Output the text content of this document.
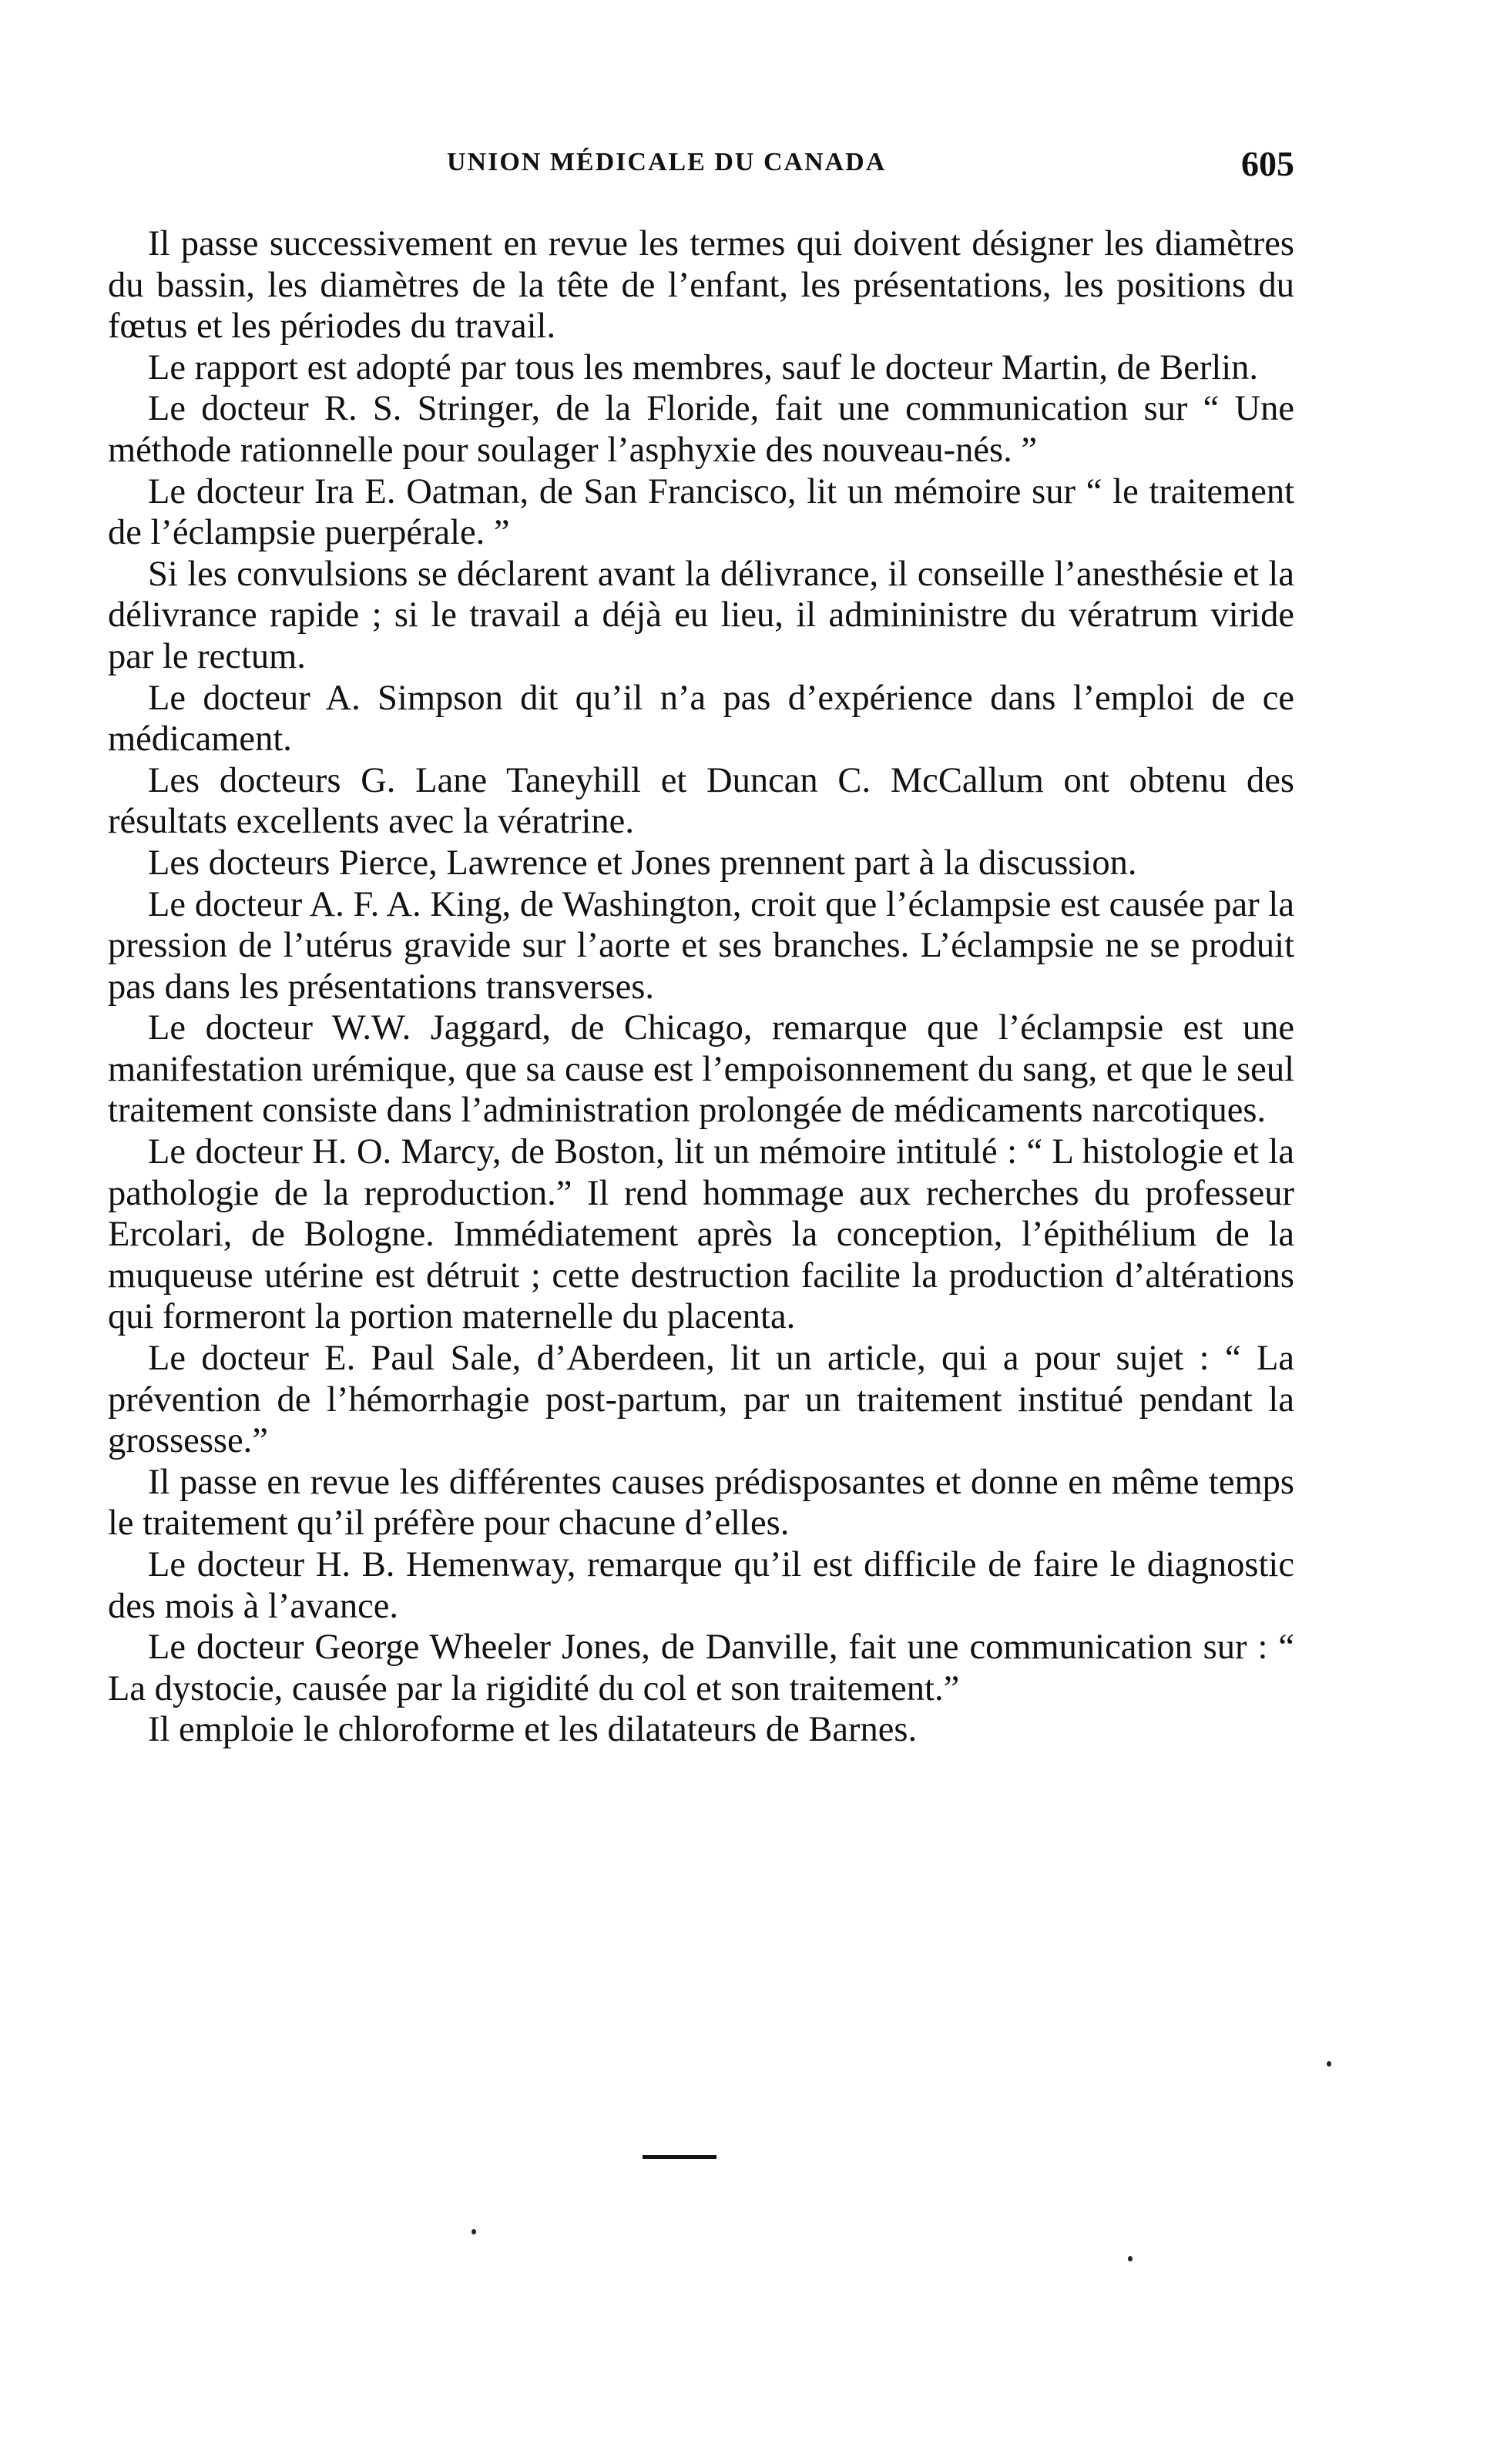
UNION MÉDICALE DU CANADA	605

Il passe successivement en revue les termes qui doivent désigner les diamètres du bassin, les diamètres de la tête de l’enfant, les présentations, les positions du fœtus et les périodes du travail.

Le rapport est adopté par tous les membres, sauf le docteur Martin, de Berlin.

Le docteur R. S. Stringer, de la Floride, fait une communication sur “ Une méthode rationnelle pour soulager l’asphyxie des nouveau-nés. ”

Le docteur Ira E. Oatman, de San Francisco, lit un mémoire sur “ le traitement de l’éclampsie puerpérale. ”

Si les convulsions se déclarent avant la délivrance, il conseille l’anesthésie et la délivrance rapide ; si le travail a déjà eu lieu, il admininistre du vératrum viride par le rectum.

Le docteur A. Simpson dit qu’il n’a pas d’expérience dans l’emploi de ce médicament.

Les docteurs G. Lane Taneyhill et Duncan C. McCallum ont obtenu des résultats excellents avec la vératrine.

Les docteurs Pierce, Lawrence et Jones prennent part à la discussion.

Le docteur A. F. A. King, de Washington, croit que l’éclampsie est causée par la pression de l’utérus gravide sur l’aorte et ses branches. L’éclampsie ne se produit pas dans les présentations transverses.

Le docteur W.W. Jaggard, de Chicago, remarque que l’éclampsie est une manifestation urémique, que sa cause est l’empoisonnement du sang, et que le seul traitement consiste dans l’administration prolongée de médicaments narcotiques.

Le docteur H. O. Marcy, de Boston, lit un mémoire intitulé : “ L histologie et la pathologie de la reproduction.” Il rend hommage aux recherches du professeur Ercolari, de Bologne. Immédiatement après la conception, l’épithélium de la muqueuse utérine est détruit ; cette destruction facilite la production d’altérations qui formeront la portion maternelle du placenta.

Le docteur E. Paul Sale, d’Aberdeen, lit un article, qui a pour sujet : “ La prévention de l’hémorrhagie post-partum, par un traitement institué pendant la grossesse.”

Il passe en revue les différentes causes prédisposantes et donne en même temps le traitement qu’il préfère pour chacune d’elles.

Le docteur H. B. Hemenway, remarque qu’il est difficile de faire le diagnostic des mois à l’avance.

Le docteur George Wheeler Jones, de Danville, fait une communication sur : “ La dystocie, causée par la rigidité du col et son traitement.”

Il emploie le chloroforme et les dilatateurs de Barnes.
